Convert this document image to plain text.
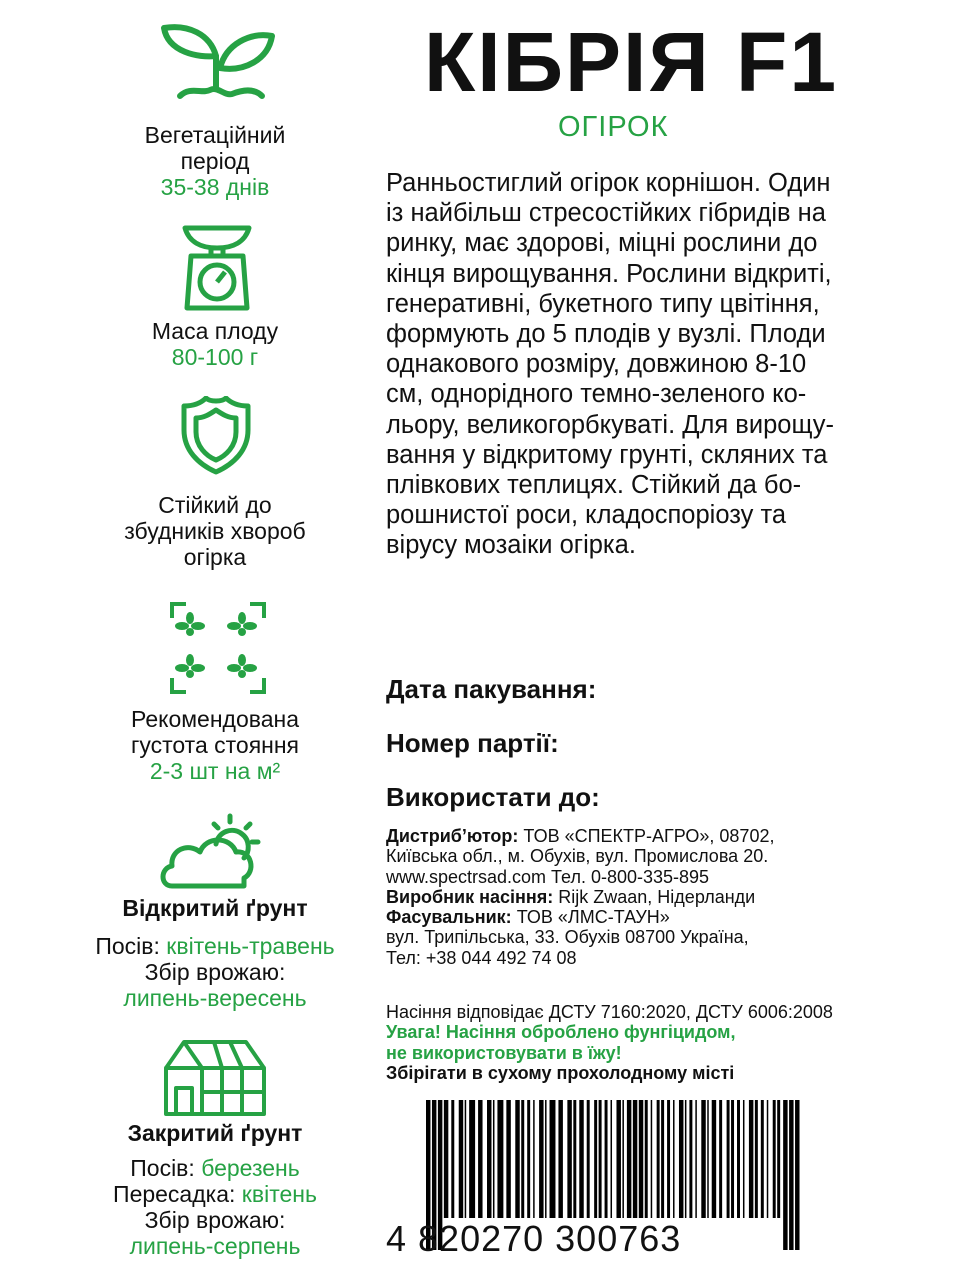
Вегетаційний
період
35-38 днів
Маса плоду
80-100 г
Стійкий до
збудників хвороб
огірка
Рекомендована
густота стояння
2-3 шт на м²
Відкритий ґрунт
Посів: квітень-травень
Збір врожаю:
липень-вересень
Закритий ґрунт
Посів: березень
Пересадка: квітень
Збір врожаю:
липень-серпень
КІБРІЯ F1
ОГІРОК
Ранньостиглий огірок корнішон. Один
із найбільш стресостійких гібридів на
ринку, має здорові, міцні рослини до
кінця вирощування. Рослини відкриті,
генеративні, букетного типу цвітіння,
формують до 5 плодів у вузлі. Плоди
однакового розміру, довжиною 8-10
см, однорідного темно-зеленого ко-
льору, великогорбкуваті. Для вирощу-
вання у відкритому грунті, скляних та
плівкових теплицях. Стійкий да бо-
рошнистої роси, кладоспоріозу та
вірусу мозаіки огірка.
Дата пакування:
Номер партії:
Використати до:
Дистриб’ютор: ТОВ «СПЕКТР-АГРО», 08702,
Київська обл., м. Обухів, вул. Промислова 20.
www.spectrsad.com Тел. 0-800-335-895
Виробник насіння: Rijk Zwaan, Нідерланди
Фасувальник: ТОВ «ЛМС-ТАУН»
вул. Трипільська, 33. Обухів 08700 Україна,
Тел: +38 044 492 74 08
Насіння відповідає ДСТУ 7160:2020, ДСТУ 6006:2008
Увага! Насіння оброблено фунгіцидом,
не використовувати в їжу!
Збірігати в сухому прохолодному місті
4 820270 300763
